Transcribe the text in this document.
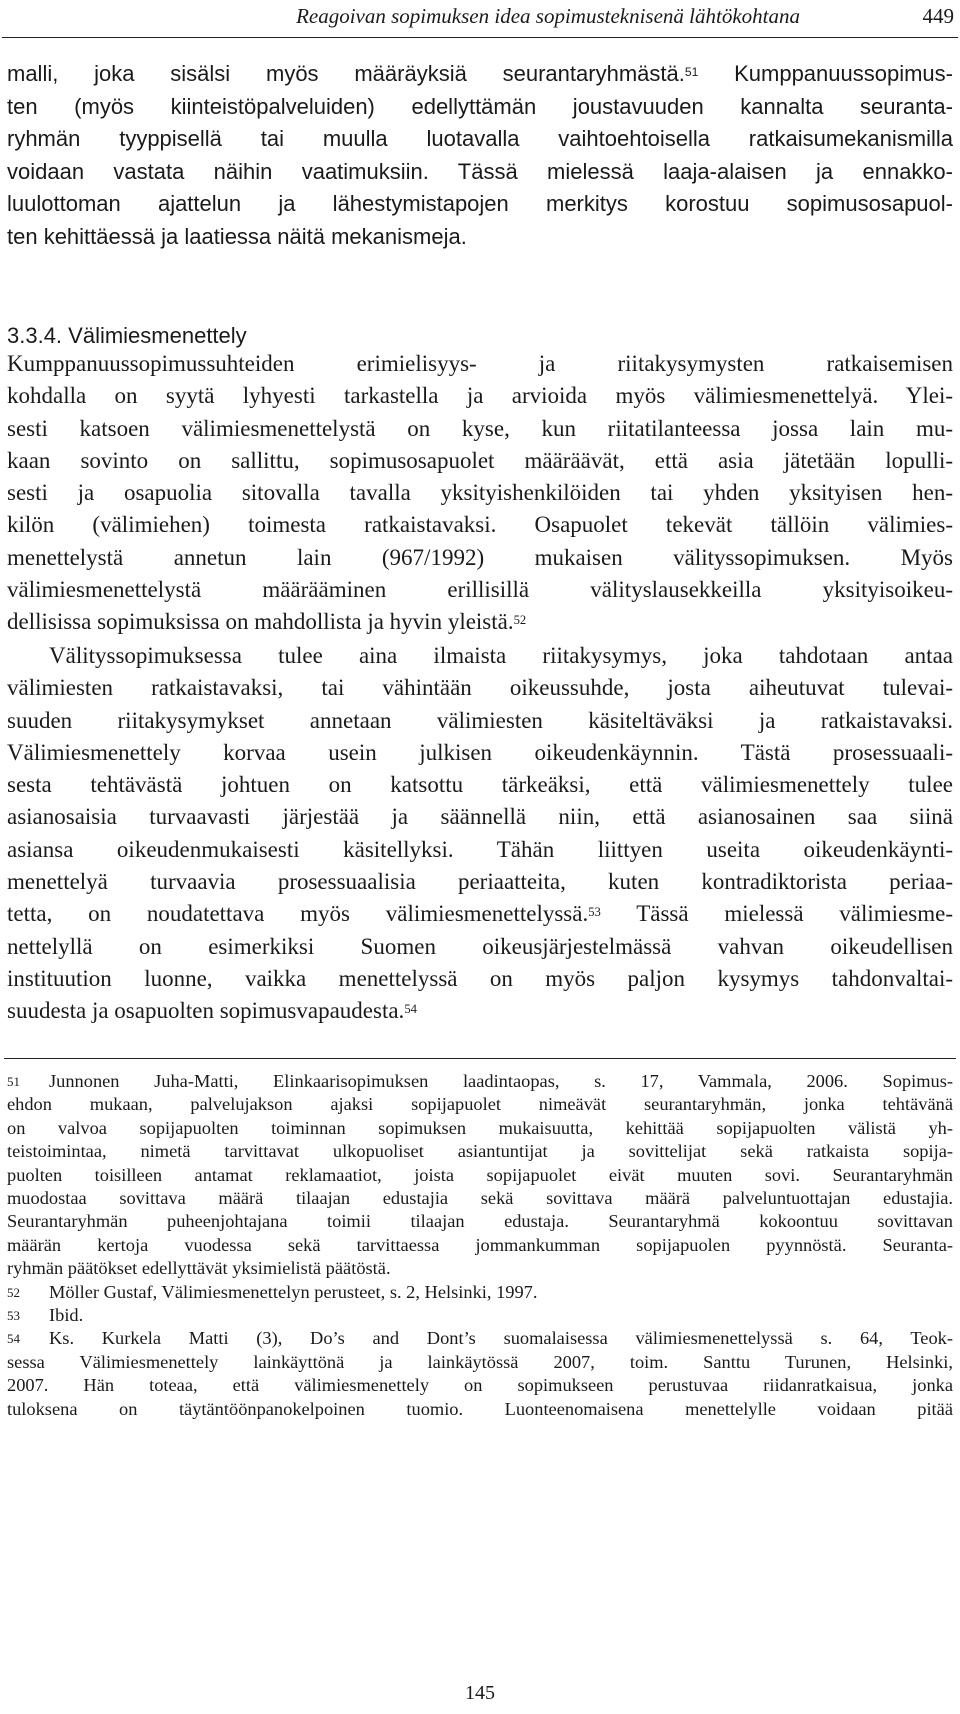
Reagoivan sopimuksen idea sopimusteknisenä lähtökohtana	449
malli, joka sisälsi myös määräyksiä seurantaryhmästä.$^{51}$ Kumppanuussopimus-
ten (myös kiinteistöpalveluiden) edellyttämän joustavuuden kannalta seuranta-
ryhmän tyyppisellä tai muulla luotavalla vaihtoehtoisella ratkaisumekanismilla
voidaan vastata näihin vaatimuksiin. Tässä mielessä laaja-alaisen ja ennakko-
luulottoman ajattelun ja lähestymistapojen merkitys korostuu sopimusosapuol-
ten kehittäessä ja laatiessa näitä mekanismeja.
3.3.4. Välimiesmenettely
Kumppanuussopimussuhteiden erimielisyys- ja riitakysymysten ratkaisemisen
kohdalla on syytä lyhyesti tarkastella ja arvioida myös välimiesmenettelyä. Ylei-
sesti katsoen välimiesmenettelystä on kyse, kun riitatilanteessa jossa lain mu-
kaan sovinto on sallittu, sopimusosapuolet määräävät, että asia jätetään lopulli-
sesti ja osapuolia sitovalla tavalla yksityishenkilöiden tai yhden yksityisen hen-
kilön (välimiehen) toimesta ratkaistavaksi. Osapuolet tekevät tällöin välimies-
menettelystä annetun lain (967/1992) mukaisen välityssopimuksen. Myös
välimiesmenettelystä määrääminen erillisillä välityslausekkeilla yksityisoikeu-
dellisissa sopimuksissa on mahdollista ja hyvin yleistä.$^{52}$
Välityssopimuksessa tulee aina ilmaista riitakysymys, joka tahdotaan antaa
välimiesten ratkaistavaksi, tai vähintään oikeussuhde, josta aiheutuvat tulevai-
suuden riitakysymykset annetaan välimiesten käsiteltäväksi ja ratkaistavaksi.
Välimiesmenettely korvaa usein julkisen oikeudenkäynnin. Tästä prosessuaali-
sesta tehtävästä johtuen on katsottu tärkeäksi, että välimiesmenettely tulee
asianosaisia turvaavasti järjestää ja säännellä niin, että asianosainen saa siinä
asiansa oikeudenmukaisesti käsitellyksi. Tähän liittyen useita oikeudenkäynti-
menettelyä turvaavia prosessuaalisia periaatteita, kuten kontradiktorista periaa-
tetta, on noudatettava myös välimiesmenettelyssä.$^{53}$ Tässä mielessä välimiesme-
nettelyllä on esimerkiksi Suomen oikeusjärjestelmässä vahvan oikeudellisen
instituution luonne, vaikka menettelyssä on myös paljon kysymys tahdonvaltai-
suudesta ja osapuolten sopimusvapaudesta.$^{54}$
51 Junnonen Juha-Matti, Elinkaarisopimuksen laadintaopas, s. 17, Vammala, 2006. Sopimus-
ehdon mukaan, palvelujakson ajaksi sopijapuolet nimeävät seurantaryhmän, jonka tehtävänä
on valvoa sopijapuolten toiminnan sopimuksen mukaisuutta, kehittää sopijapuolten välistä yh-
teistoimintaa, nimetä tarvittavat ulkopuoliset asiantuntijat ja sovittelijat sekä ratkaista sopija-
puolten toisilleen antamat reklamaatiot, joista sopijapuolet eivät muuten sovi. Seurantaryhmän
muodostaa sovittava määrä tilaajan edustajia sekä sovittava määrä palveluntuottajan edustajia.
Seurantaryhmän puheenjohtajana toimii tilaajan edustaja. Seurantaryhmä kokoontuu sovittavan
määrän kertoja vuodessa sekä tarvittaessa jommankumman sopijapuolen pyynnöstä. Seuranta-
ryhmän päätökset edellyttävät yksimielistä päätöstä.
52 Möller Gustaf, Välimiesmenettelyn perusteet, s. 2, Helsinki, 1997.
53 Ibid.
54 Ks. Kurkela Matti (3), Do’s and Dont’s suomalaisessa välimiesmenettelyssä s. 64, Teok-
sessa Välimiesmenettely lainkäyttönä ja lainkäytössä 2007, toim. Santtu Turunen, Helsinki,
2007. Hän toteaa, että välimiesmenettely on sopimukseen perustuvaa riidanratkaisua, jonka
tuloksena on täytäntöönpanokelpoinen tuomio. Luonteenomaisena menettelylle voidaan pitää
145
